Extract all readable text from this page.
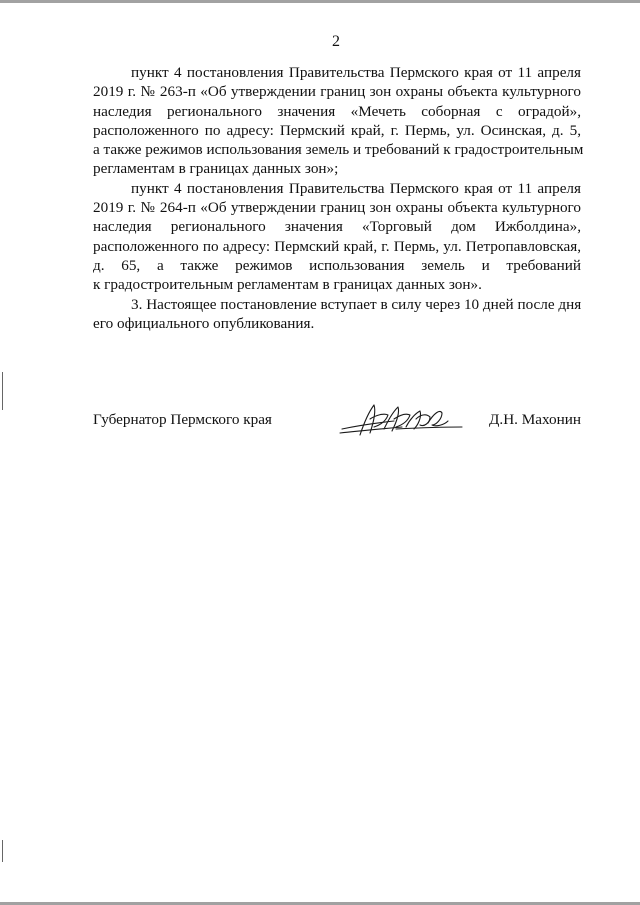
2

пункт 4 постановления Правительства Пермского края от 11 апреля
2019 г. № 263-п «Об утверждении границ зон охраны объекта культурного
наследия регионального значения «Мечеть соборная с оградой»,
расположенного по адресу: Пермский край, г. Пермь, ул. Осинская, д. 5,
а также режимов использования земель и требований к градостроительным
регламентам в границах данных зон»;

пункт 4 постановления Правительства Пермского края от 11 апреля
2019 г. № 264-п «Об утверждении границ зон охраны объекта культурного
наследия регионального значения «Торговый дом Ижболдина»,
расположенного по адресу: Пермский край, г. Пермь, ул. Петропавловская,
д. 65, а также режимов использования земель и требований
к градостроительным регламентам в границах данных зон».

3. Настоящее постановление вступает в силу через 10 дней после дня
его официального опубликования.

Губернатор Пермского края	Д.Н. Махонин
